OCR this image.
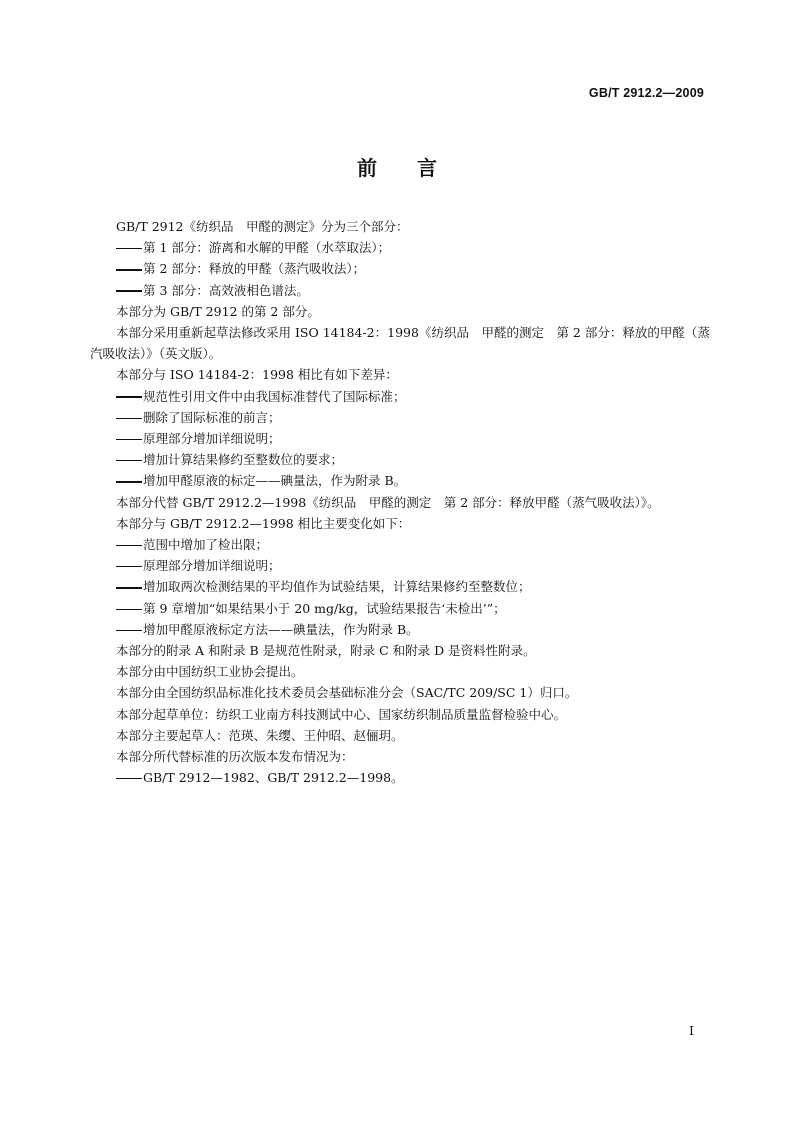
GB/T 2912.2—2009
前言

GB/T 2912《纺织品　甲醛的测定》分为三个部分：

第 1 部分：游离和水解的甲醛（水萃取法）；

第 2 部分：释放的甲醛（蒸汽吸收法）；

第 3 部分：高效液相色谱法。

本部分为 GB/T 2912 的第 2 部分。

本部分采用重新起草法修改采用 ISO 14184-2：1998《纺织品　甲醛的测定　第 2 部分：释放的甲醛（蒸汽吸收法）》（英文版）。

本部分与 ISO 14184-2：1998 相比有如下差异：

规范性引用文件中由我国标准替代了国际标准；

删除了国际标准的前言；

原理部分增加详细说明；

增加计算结果修约至整数位的要求；

增加甲醛原液的标定——碘量法，作为附录 B。

本部分代替 GB/T 2912.2—1998《纺织品　甲醛的测定　第 2 部分：释放甲醛（蒸气吸收法）》。

本部分与 GB/T 2912.2—1998 相比主要变化如下：

范围中增加了检出限；

原理部分增加详细说明；

增加取两次检测结果的平均值作为试验结果，计算结果修约至整数位；

第 9 章增加“如果结果小于 20 mg/kg，试验结果报告‘未检出’”；

增加甲醛原液标定方法——碘量法，作为附录 B。

本部分的附录 A 和附录 B 是规范性附录，附录 C 和附录 D 是资料性附录。

本部分由中国纺织工业协会提出。

本部分由全国纺织品标准化技术委员会基础标准分会（SAC/TC 209/SC 1）归口。

本部分起草单位：纺织工业南方科技测试中心、国家纺织制品质量监督检验中心。

本部分主要起草人：范瑛、朱缨、王仲昭、赵俪玥。

本部分所代替标准的历次版本发布情况为：

GB/T 2912—1982、GB/T 2912.2—1998。

I
